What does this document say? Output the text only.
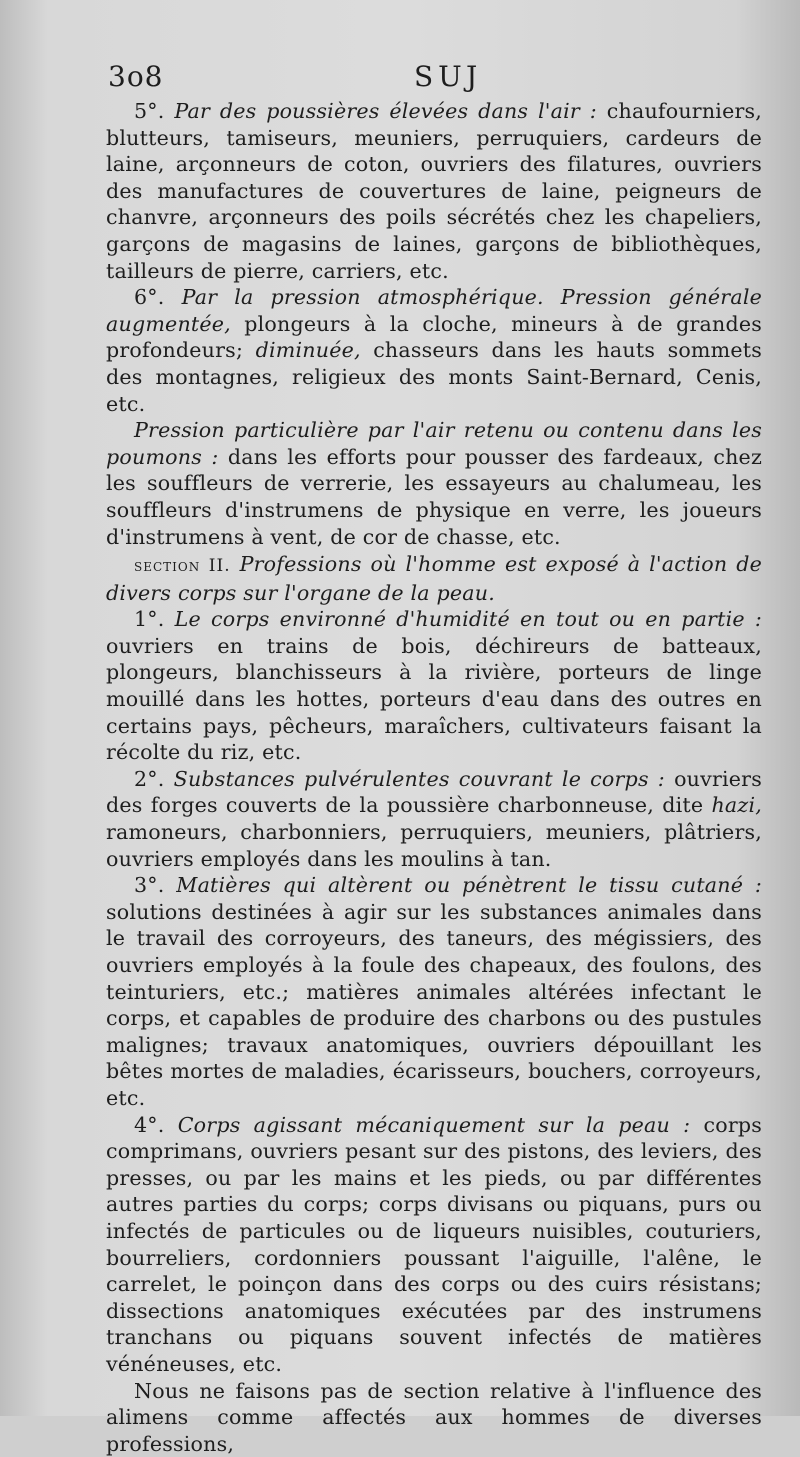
3o8	SUJ

5°. Par des poussières élevées dans l'air : chaufourniers, blutteurs, tamiseurs, meuniers, perruquiers, cardeurs de laine, arçonneurs de coton, ouvriers des filatures, ouvriers des manufactures de couvertures de laine, peigneurs de chanvre, arçonneurs des poils sécrétés chez les chapeliers, garçons de magasins de laines, garçons de bibliothèques, tailleurs de pierre, carriers, etc.

6°. Par la pression atmosphérique. Pression générale augmentée, plongeurs à la cloche, mineurs à de grandes profondeurs; diminuée, chasseurs dans les hauts sommets des montagnes, religieux des monts Saint-Bernard, Cenis, etc.

Pression particulière par l'air retenu ou contenu dans les poumons : dans les efforts pour pousser des fardeaux, chez les souffleurs de verrerie, les essayeurs au chalumeau, les souffleurs d'instrumens de physique en verre, les joueurs d'instrumens à vent, de cor de chasse, etc.

section II. Professions où l'homme est exposé à l'action de divers corps sur l'organe de la peau.

1°. Le corps environné d'humidité en tout ou en partie : ouvriers en trains de bois, déchireurs de batteaux, plongeurs, blanchisseurs à la rivière, porteurs de linge mouillé dans les hottes, porteurs d'eau dans des outres en certains pays, pêcheurs, maraîchers, cultivateurs faisant la récolte du riz, etc.

2°. Substances pulvérulentes couvrant le corps : ouvriers des forges couverts de la poussière charbonneuse, dite hazi, ramoneurs, charbonniers, perruquiers, meuniers, plâtriers, ouvriers employés dans les moulins à tan.

3°. Matières qui altèrent ou pénètrent le tissu cutané : solutions destinées à agir sur les substances animales dans le travail des corroyeurs, des taneurs, des mégissiers, des ouvriers employés à la foule des chapeaux, des foulons, des teinturiers, etc.; matières animales altérées infectant le corps, et capables de produire des charbons ou des pustules malignes; travaux anatomiques, ouvriers dépouillant les bêtes mortes de maladies, écarisseurs, bouchers, corroyeurs, etc.

4°. Corps agissant mécaniquement sur la peau : corps comprimans, ouvriers pesant sur des pistons, des leviers, des presses, ou par les mains et les pieds, ou par différentes autres parties du corps; corps divisans ou piquans, purs ou infectés de particules ou de liqueurs nuisibles, couturiers, bourreliers, cordonniers poussant l'aiguille, l'alêne, le carrelet, le poinçon dans des corps ou des cuirs résistans; dissections anatomiques exécutées par des instrumens tranchans ou piquans souvent infectés de matières vénéneuses, etc.

Nous ne faisons pas de section relative à l'influence des alimens comme affectés aux hommes de diverses professions,
